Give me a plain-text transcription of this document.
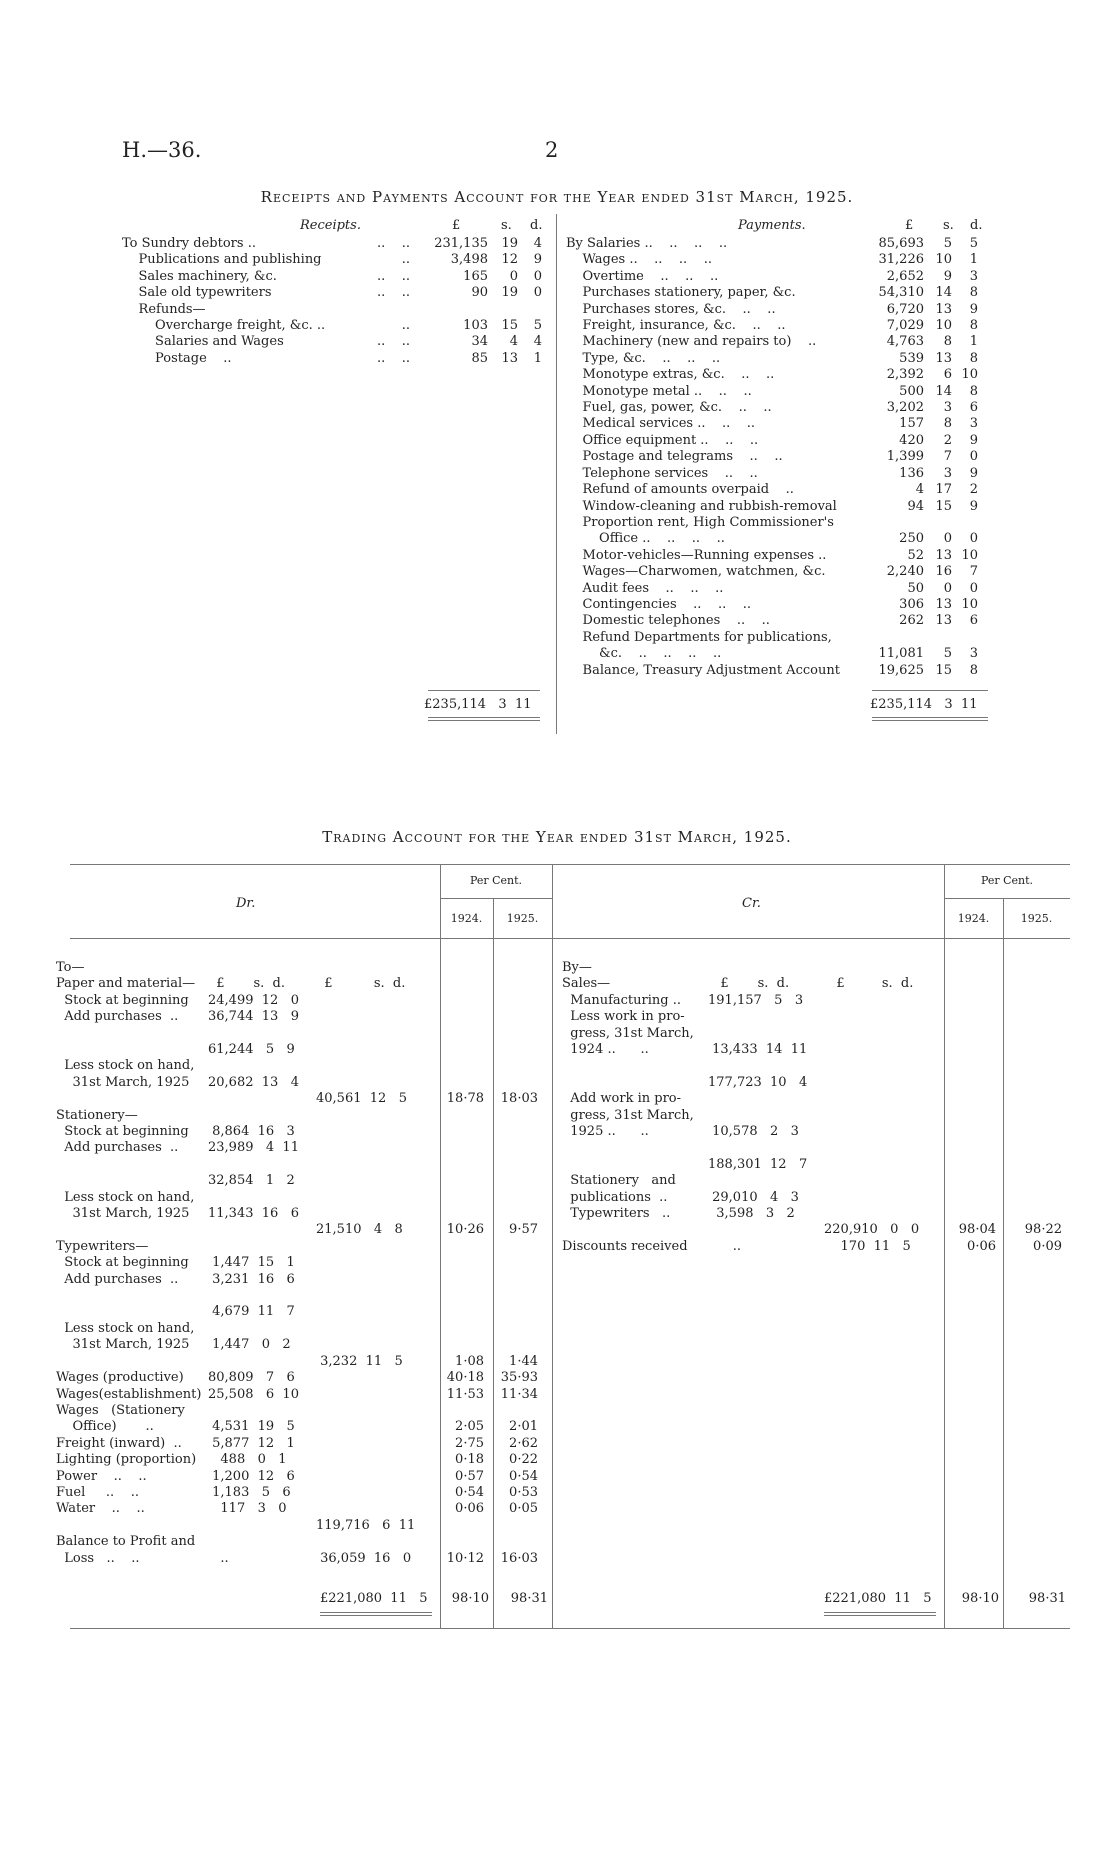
H.—36.	2
Receipts and Payments Account for the Year ended 31st March, 1925.
Receipts.	£	s. d.	Payments.	£ s. d.
To Sundry debtors ..	..    ..	231,135	19	4
Publications and publishing	..	3,498	12	9
Sales machinery, &c.	..    ..	165	0	0
Sale old typewriters	..    ..	90	19	0
Refunds—				
Overcharge freight, &c. ..	..	103	15	5
Salaries and Wages	..    ..	34	4	4
Postage    ..	..    ..	85	13	1
By Salaries ..    ..    ..    ..	85,693	5	5
Wages ..    ..    ..    ..	31,226	10	1
Overtime    ..    ..    ..	2,652	9	3
Purchases stationery, paper, &c.	54,310	14	8
Purchases stores, &c.    ..    ..	6,720	13	9
Freight, insurance, &c.    ..    ..	7,029	10	8
Machinery (new and repairs to)    ..	4,763	8	1
Type, &c.    ..    ..    ..	539	13	8
Monotype extras, &c.    ..    ..	2,392	6	10
Monotype metal ..    ..    ..	500	14	8
Fuel, gas, power, &c.    ..    ..	3,202	3	6
Medical services ..    ..    ..	157	8	3
Office equipment ..    ..    ..	420	2	9
Postage and telegrams    ..    ..	1,399	7	0
Telephone services    ..    ..	136	3	9
Refund of amounts overpaid    ..	4	17	2
Window-cleaning and rubbish-removal	94	15	9
Proportion rent, High Commissioner's			
Office ..    ..    ..    ..	250	0	0
Motor-vehicles—Running expenses ..	52	13	10
Wages—Charwomen, watchmen, &c.	2,240	16	7
Audit fees    ..    ..    ..	50	0	0
Contingencies    ..    ..    ..	306	13	10
Domestic telephones    ..    ..	262	13	6
Refund Departments for publications,			
&c.    ..    ..    ..    ..	11,081	5	3
Balance, Treasury Adjustment Account	19,625	15	8
£235,114   3  11	£235,114   3  11
Trading Account for the Year ended 31st March, 1925.
Dr.	Cr.
Per Cent.
1924.	1925.
Per Cent.
1924.	1925.
To—				
Paper and material—	£       s.  d.	£          s.  d.		
Stock at beginning	24,499  12   0			
Add purchases  ..	36,744  13   9			

	61,244   5   9			
Less stock on hand,				
31st March, 1925	20,682  13   4			
		40,561  12   5	18·78	18·03
Stationery—				
Stock at beginning	8,864  16   3			
Add purchases  ..	23,989   4  11			

	32,854   1   2			
Less stock on hand,				
31st March, 1925	11,343  16   6			
		21,510   4   8	10·26	9·57
Typewriters—				
Stock at beginning	1,447  15   1			
Add purchases  ..	3,231  16   6			

	4,679  11   7			
Less stock on hand,				
31st March, 1925	1,447   0   2			
		3,232  11   5	1·08	1·44
Wages (productive)	80,809   7   6		40·18	35·93
Wages(establishment)	25,508   6  10		11·53	11·34
Wages   (Stationery				
Office)       ..	4,531  19   5		2·05	2·01
Freight (inward)  ..	5,877  12   1		2·75	2·62
Lighting (proportion)	488   0   1		0·18	0·22
Power    ..    ..	1,200  12   6		0·57	0·54
Fuel     ..    ..	1,183   5   6		0·54	0·53
Water    ..    ..	117   3   0		0·06	0·05
		119,716   6  11		
Balance to Profit and				
Loss   ..    ..	..	36,059  16   0	10·12	16·03
£221,080  11   5	98·10	98·31
By—				
Sales—	£       s.  d.	£         s.  d.		
Manufacturing ..	191,157   5   3			
Less work in pro-				
gress, 31st March,				
1924 ..      ..	13,433  14  11			

	177,723  10   4			
Add work in pro-				
gress, 31st March,				
1925 ..      ..	10,578   2   3			

	188,301  12   7			
Stationery   and				
publications  ..	29,010   4   3			
Typewriters   ..	3,598   3   2			
		220,910   0   0	98·04	98·22
Discounts received	..	170  11   5	0·06	0·09
£221,080  11   5	98·10	98·31
